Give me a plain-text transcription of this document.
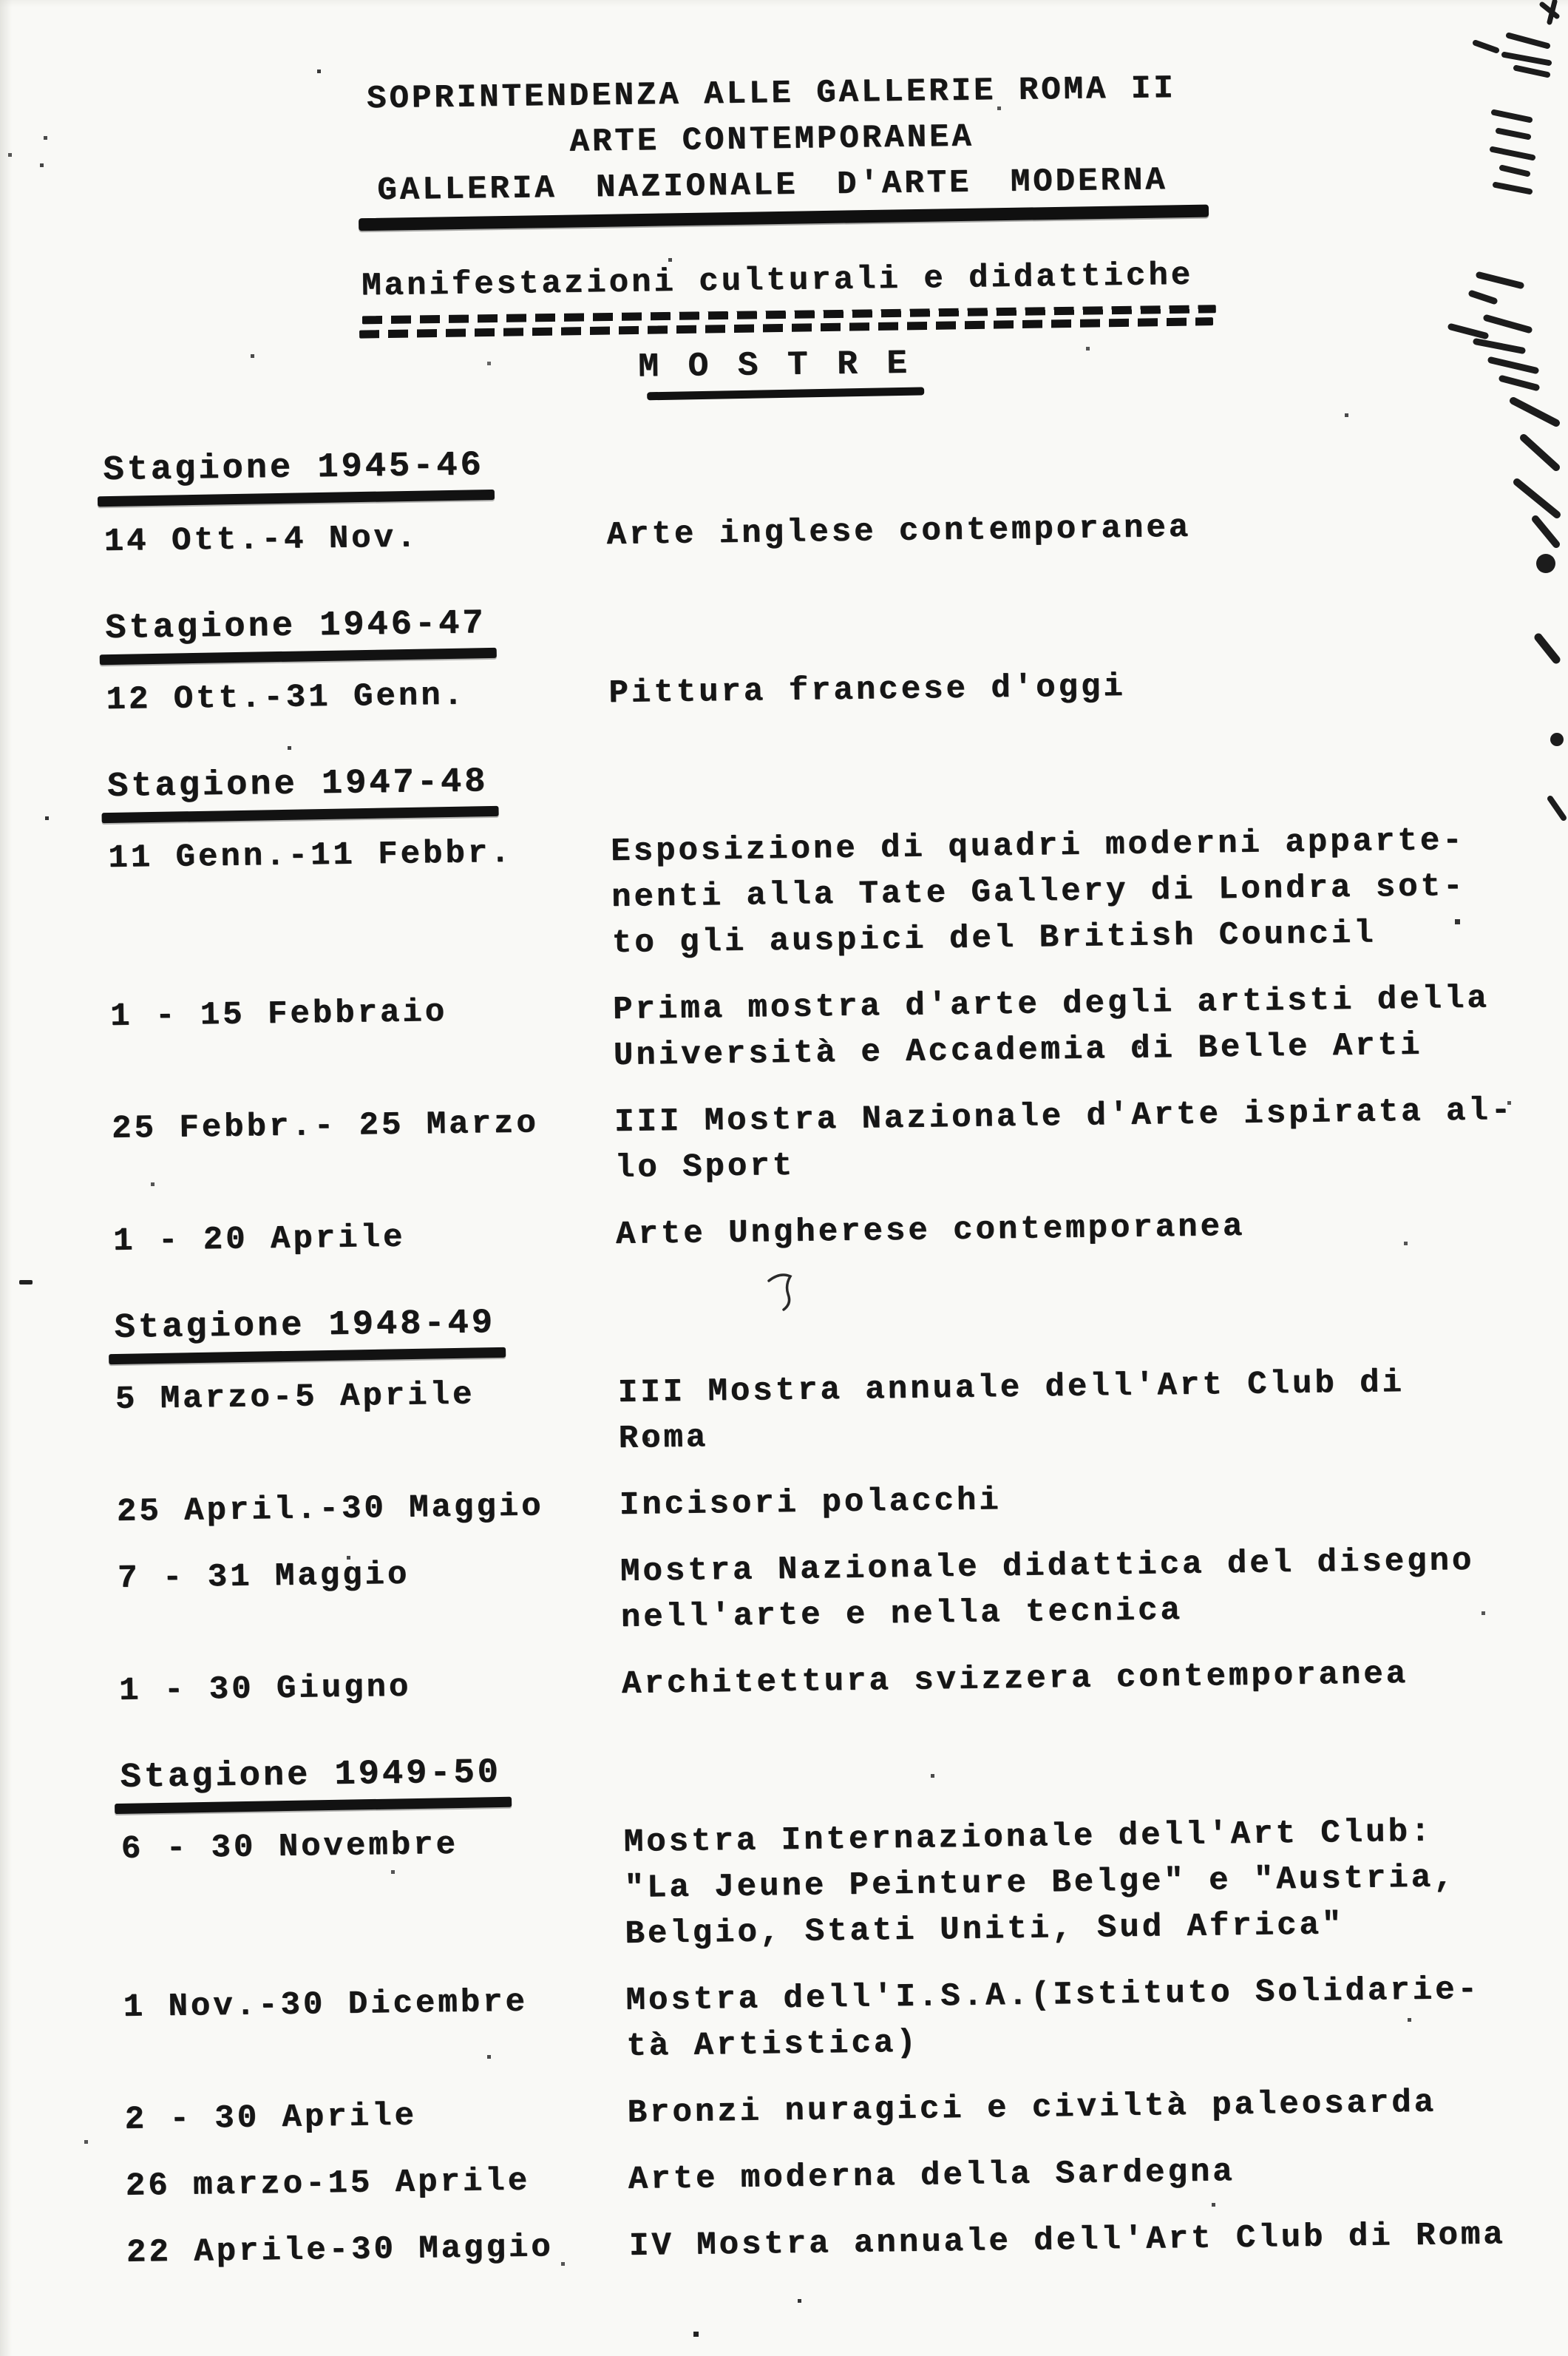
SOPRINTENDENZA ALLE GALLERIE ROMA II
ARTE CONTEMPORANEA
GALLERIA NAZIONALE D'ARTE MODERNA
Manifestazioni culturali e didattiche
M O S T R E
Stagione 1945-46
14 Ott.-4 Nov.	Arte inglese contemporanea
Stagione 1946-47
12 Ott.-31 Genn.	Pittura francese d'oggi
Stagione 1947-48
11 Genn.-11 Febbr.	Esposizione di quadri moderni apparte-
nenti alla Tate Gallery di Londra sot-
to gli auspici del British Council
1 - 15 Febbraio	Prima mostra d'arte degli artisti della
Università e Accademia di Belle Arti
25 Febbr.- 25 Marzo	III Mostra Nazionale d'Arte ispirata al-
lo Sport
1 - 20 Aprile	Arte Ungherese contemporanea
Stagione 1948-49
5 Marzo-5 Aprile	III Mostra annuale dell'Art Club di
Roma
25 April.-30 Maggio	Incisori polacchi
7 - 31 Maggio	Mostra Nazionale didattica del disegno
nell'arte e nella tecnica
1 - 30 Giugno	Architettura svizzera contemporanea
Stagione 1949-50
6 - 30 Novembre	Mostra Internazionale dell'Art Club:
"La Jeune Peinture Belge" e "Austria,
Belgio, Stati Uniti, Sud Africa"
1 Nov.-30 Dicembre	Mostra dell'I.S.A.(Istituto Solidarie-
tà Artistica)
2 - 30 Aprile	Bronzi nuragici e civiltà paleosarda
26 marzo-15 Aprile	Arte moderna della Sardegna
22 Aprile-30 Maggio	IV Mostra annuale dell'Art Club di Roma
